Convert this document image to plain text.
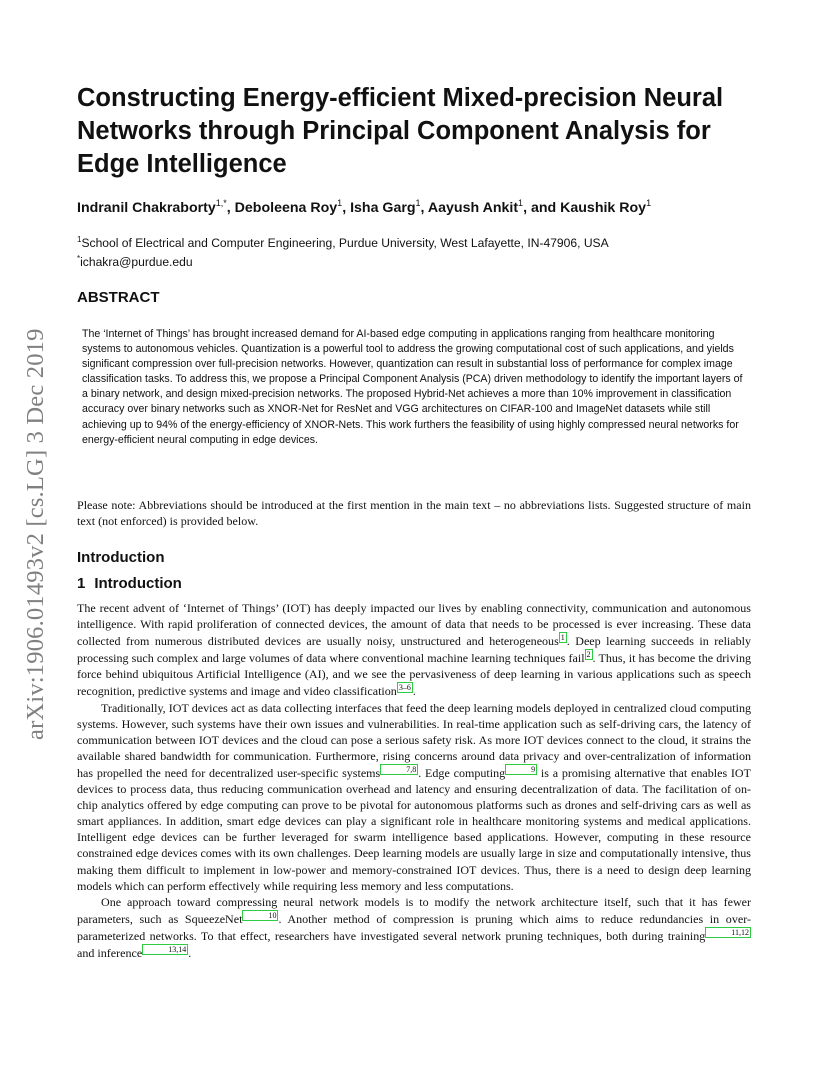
arXiv:1906.01493v2 [cs.LG] 3 Dec 2019
Constructing Energy-efficient Mixed-precision Neural Networks through Principal Component Analysis for Edge Intelligence
Indranil Chakraborty$^{1,*}$, Deboleena Roy$^1$, Isha Garg$^1$, Aayush Ankit$^1$, and Kaushik Roy$^1$
$^1$School of Electrical and Computer Engineering, Purdue University, West Lafayette, IN-47906, USA
*ichakra@purdue.edu
ABSTRACT

The ‘Internet of Things’ has brought increased demand for AI-based edge computing in applications ranging from healthcare monitoring systems to autonomous vehicles. Quantization is a powerful tool to address the growing computational cost of such applications, and yields significant compression over full-precision networks. However, quantization can result in substantial loss of performance for complex image classification tasks. To address this, we propose a Principal Component Analysis (PCA) driven methodology to identify the important layers of a binary network, and design mixed-precision networks. The proposed Hybrid-Net achieves a more than 10% improvement in classification accuracy over binary networks such as XNOR-Net for ResNet and VGG architectures on CIFAR-100 and ImageNet datasets while still achieving up to 94% of the energy-efficiency of XNOR-Nets. This work furthers the feasibility of using highly compressed neural networks for energy-efficient neural computing in edge devices.

Please note: Abbreviations should be introduced at the first mention in the main text – no abbreviations lists. Suggested structure of main text (not enforced) is provided below.

Introduction
1 Introduction

The recent advent of ‘Internet of Things’ (IOT) has deeply impacted our lives by enabling connectivity, communication and autonomous intelligence. With rapid proliferation of connected devices, the amount of data that needs to be processed is ever increasing. These data collected from numerous distributed devices are usually noisy, unstructured and heterogeneous 1 . Deep learning succeeds in reliably processing such complex and large volumes of data where conventional machine learning techniques fail 2 . Thus, it has become the driving force behind ubiquitous Artificial Intelligence (AI), and we see the pervasiveness of deep learning in various applications such as speech recognition, predictive systems and image and video classification 3–6 .

Traditionally, IOT devices act as data collecting interfaces that feed the deep learning models deployed in centralized cloud computing systems. However, such systems have their own issues and vulnerabilities. In real-time application such as self-driving cars, the latency of communication between IOT devices and the cloud can pose a serious safety risk. As more IOT devices connect to the cloud, it strains the available shared bandwidth for communication. Furthermore, rising concerns around data privacy and over-centralization of information has propelled the need for decentralized user-specific systems	7,8 . Edge computing	9 is a promising alternative that enables IOT devices to process data, thus reducing communication overhead and latency and ensuring decentralization of data. The facilitation of on-chip analytics offered by edge computing can prove to be pivotal for autonomous platforms such as drones and self-driving cars as well as smart appliances. In addition, smart edge devices can play a significant role in healthcare monitoring systems and medical applications. Intelligent edge devices can be further leveraged for swarm intelligence based applications. However, computing in these resource constrained edge devices comes with its own challenges. Deep learning models are usually large in size and computationally intensive, thus making them difficult to implement in low-power and memory-constrained IOT devices. Thus, there is a need to design deep learning models which can perform effectively while requiring less memory and less computations.

One approach toward compressing neural network models is to modify the network architecture itself, such that it has fewer parameters, such as SqueezeNet	10 . Another method of compression is pruning which aims to reduce redundancies in over-parameterized networks. To that effect, researchers have investigated several network pruning techniques, both during training	11,12 and inference	13,14 .
